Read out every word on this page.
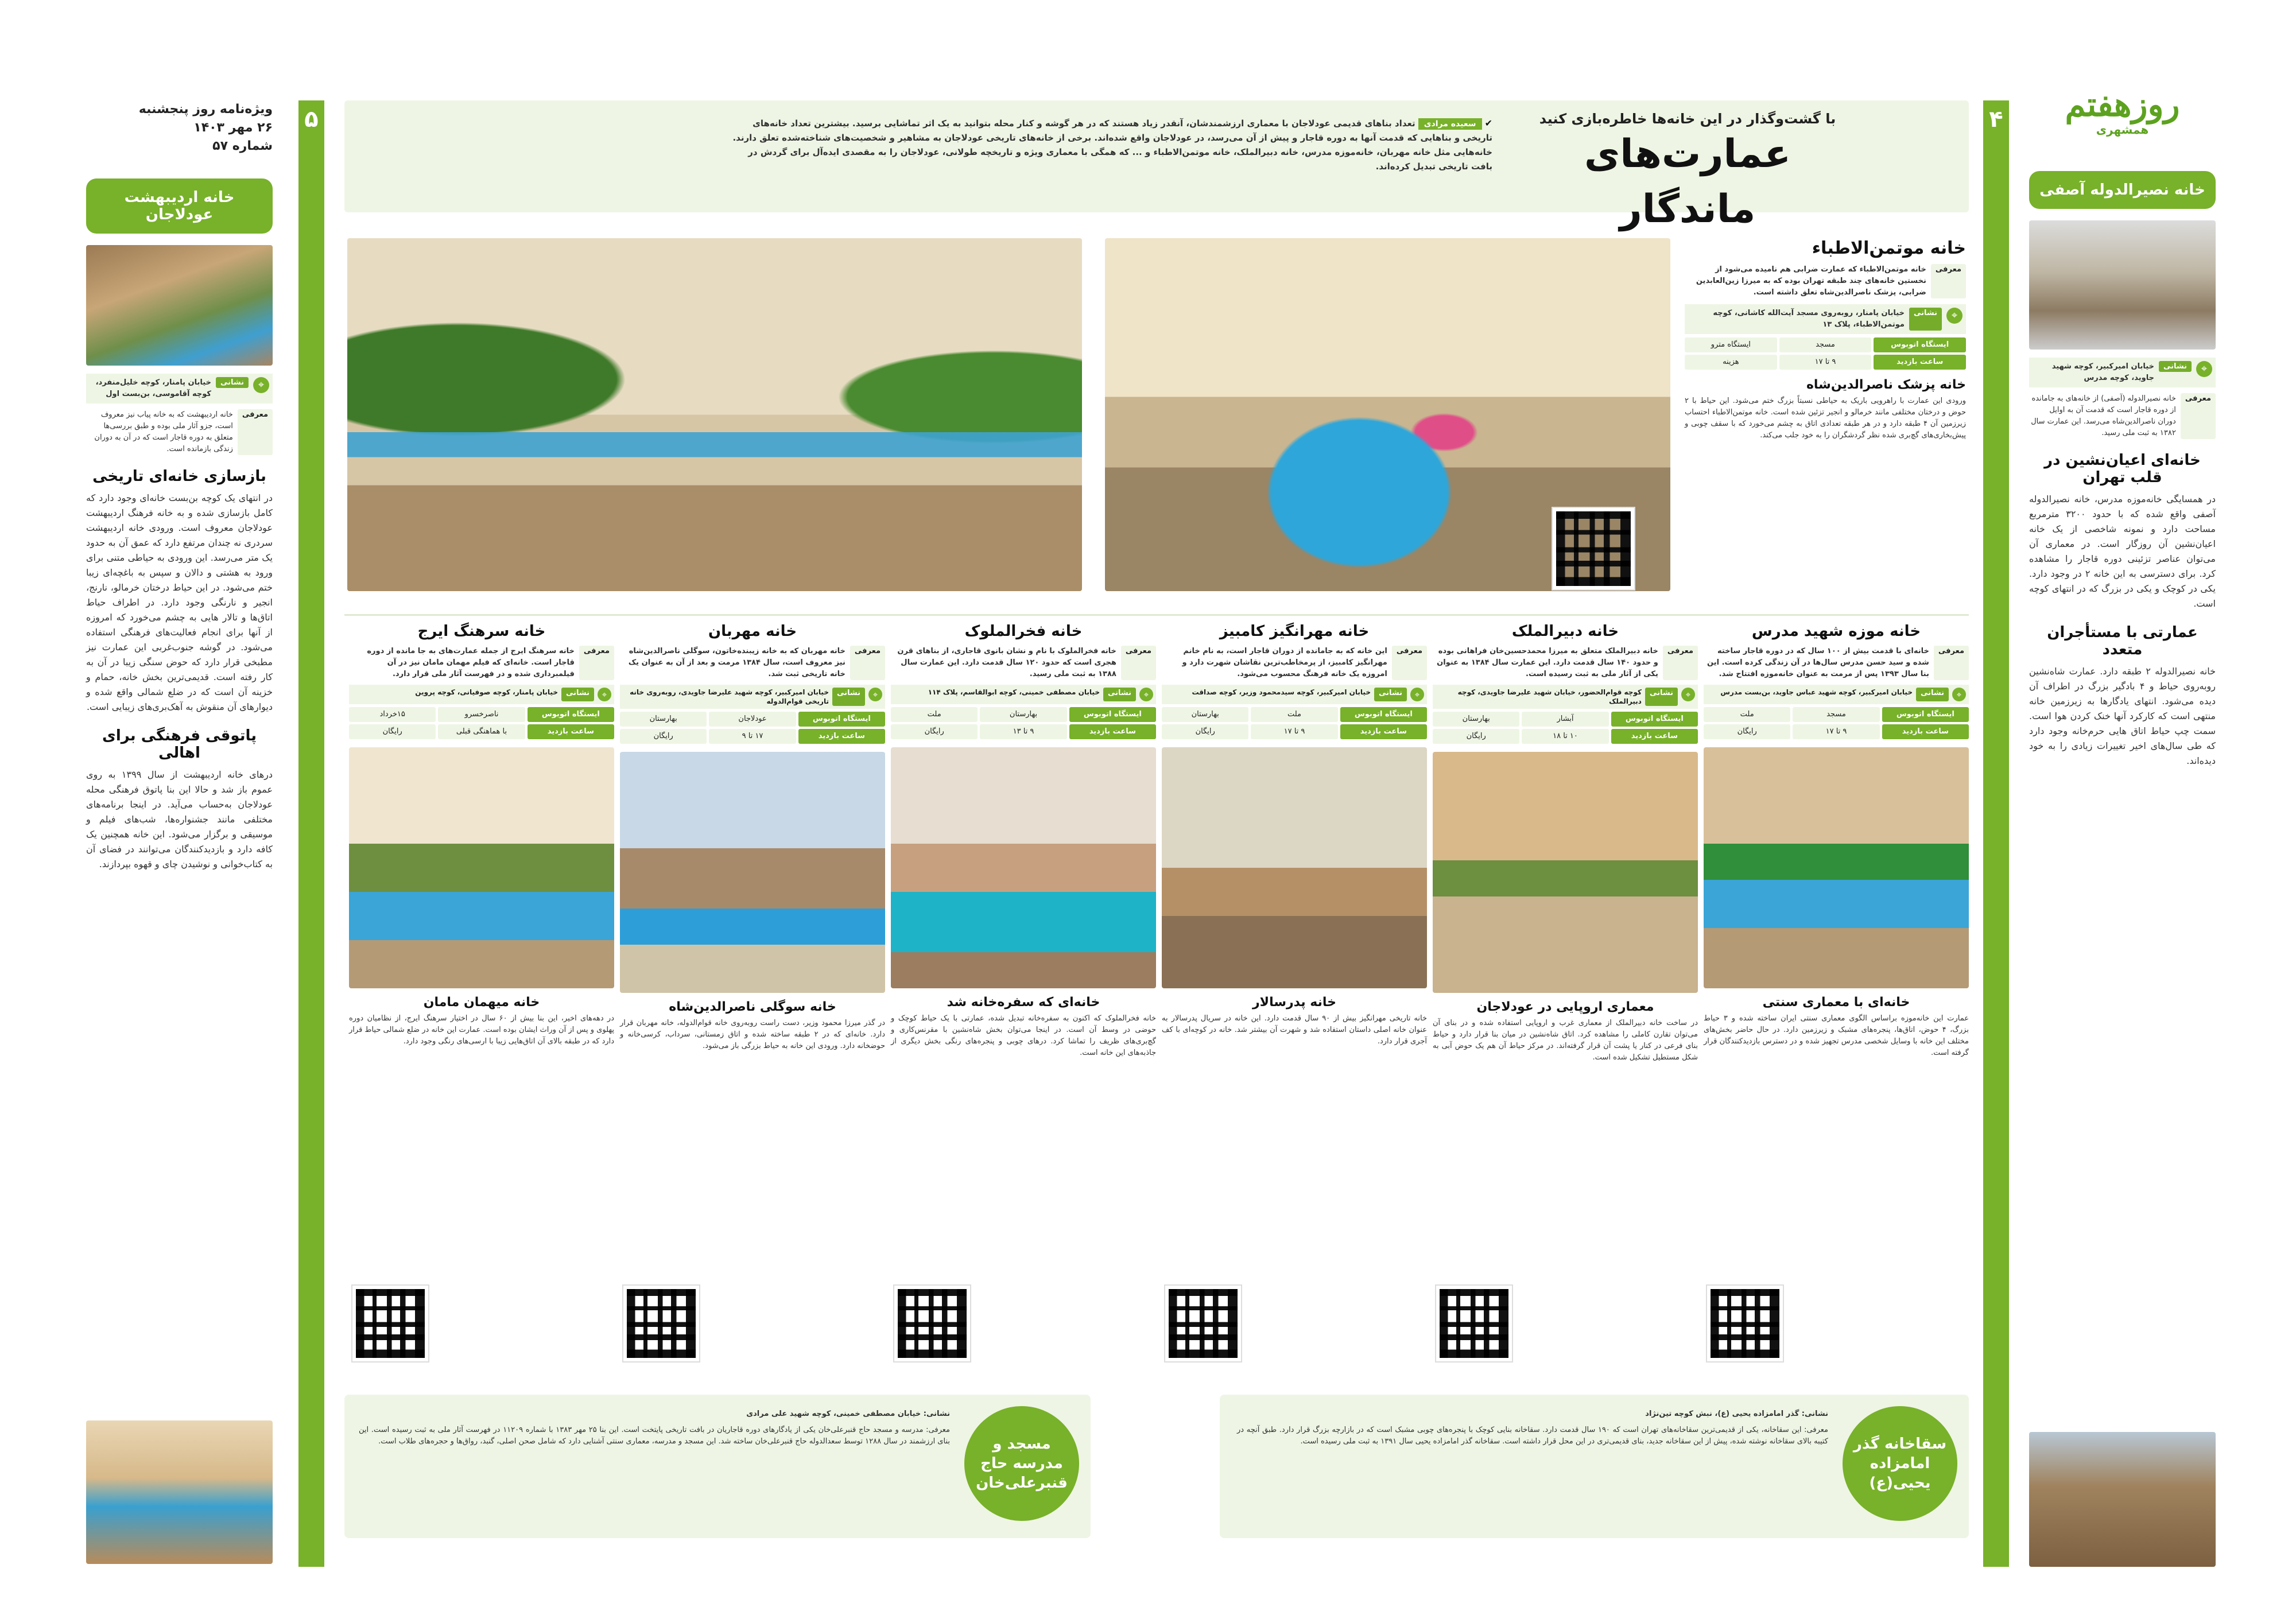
ویژه‌نامه روز پنجشنبه
۲۶ مهر ۱۴۰۳
شماره ۵۷
خانه اردیبهشت عودلاجان
⌖
نشانی
خیابان پامنار، کوچه خلیل‌منفرد، کوچه آقاموسی، بن‌بست اول
معرفی
خانه اردیبهشت که به خانه پیاب نیز معروف است، جزو آثار ملی بوده و طبق بررسی‌ها متعلق به دوره قاجار است که در آن به دوران زندگی بازمانده است.
بازسازی خانه‌ای تاریخی
در انتهای یک کوچه بن‌بست خانه‌ای وجود دارد که کامل بازسازی شده و به خانه فرهنگ اردیبهشت عودلاجان معروف است. ورودی خانه اردیبهشت سردری نه چندان مرتفع دارد که عمق آن به حدود یک متر می‌رسد. این ورودی به حیاطی متنی برای ورود به هشتی و دالان و سپس به باغچه‌ای زیبا ختم می‌شود. در این حیاط درختان خرمالو، نارنج، انجیر و نارنگی وجود دارد. در اطراف حیاط اتاق‌ها و تالار هایی به چشم می‌خورد که امروزه از آنها برای انجام فعالیت‌های فرهنگی استفاده می‌شود. در گوشه جنوب‌غربی این عمارت نیز مطبخی قرار دارد که حوض سنگی زیبا در آن به کار رفته است. قدیمی‌ترین بخش خانه، حمام و خزینه آن است که در ضلع شمالی واقع شده و دیوارهای آن منقوش به آهک‌بری‌های زیبایی است.
پاتوقی فرهنگی برای اهالی
درهای خانه اردیبهشت از سال ۱۳۹۹ به روی عموم باز شد و حالا این بنا پاتوق فرهنگی محله عودلاجان به‌حساب می‌آید. در اینجا برنامه‌های مختلفی مانند جشنواره‌ها، شب‌های فیلم و موسیقی و برگزار می‌شود. این خانه همچنین یک کافه دارد و بازدیدکنندگان می‌توانند در فضای آن به کتاب‌خوانی و نوشیدن چای و قهوه بپردازند.
۵	۴	روزهفتم
همشهری
خانه نصیرالدوله آصفی
⌖
نشانی
خیابان امیرکبیر، کوچه شهید جاوید، کوچه مدرس
معرفی
خانه نصیرالدوله (آصفی) از خانه‌های به جامانده از دوره قاجار است که قدمت آن به اوایل دوران ناصرالدین‌شاه می‌رسد. این عمارت سال ۱۳۸۲ به ثبت ملی رسید.
خانه‌ای اعیان‌نشین در قلب تهران
در همسایگی خانه‌موزه مدرس، خانه نصیرالدوله آصفی واقع شده که با حدود ۳۲۰۰ مترمربع مساحت دارد و نمونه شاخصی از یک خانه اعیان‌نشین آن روزگار است. در معماری آن می‌توان عناصر تزئینی دوره قاجار را مشاهده کرد. برای دسترسی به این خانه ۲ در وجود دارد. یکی در کوچک و یکی در بزرگ که در انتهای کوچه است.
عمارتی با مستأجران متعدد
خانه نصیرالدوله ۲ طبقه دارد. عمارت شاه‌نشین رو‌به‌روی حیاط و ۴ بادگیر بزرگ در اطراف آن دیده می‌شود. انتهای یادگارها به زیرزمین خانه منتهی است که کارکرد آنها خنک کردن هوا است. سمت چپ حیاط اتاق هایی حرم‌خانه وجود دارد که طی سال‌های اخیر تغییرات زیادی را به خود دیده‌اند.
با گشت‌وگذار در این خانه‌ها خاطره‌بازی کنید
عمارت‌های ماندگار
✔ سعیده مرادی تعداد بناهای قدیمی عودلاجان با معماری ارزشمندشان، آنقدر زیاد هستند که در هر گوشه و کنار محله بتوانید به یک اثر تماشایی برسید. بیشترین تعداد خانه‌های تاریخی و بناهایی که قدمت آنها به دوره قاجار و پیش از آن می‌رسد، در عودلاجان واقع شده‌اند. برخی از خانه‌های تاریخی عودلاجان به مشاهیر و شخصیت‌های شناخته‌شده تعلق دارند. خانه‌هایی مثل خانه مهربان، خانه‌موزه مدرس، خانه دبیرالملک، خانه موتمن‌الاطباء و ... که همگی با معماری ویژه و تاریخچه طولانی، عودلاجان را به مقصدی ایده‌آل برای گردش در بافت تاریخی تبدیل کرده‌اند.
خانه موتمن‌الاطباء
معرفی
خانه موتمن‌الاطباء که عمارت ضرابی هم نامیده می‌شود از نخستین خانه‌های چند طبقه تهران بوده که به میرزا زین‌العابدین ضرابی، پزشک ناصرالدین‌شاه تعلق داشته است.
⌖
نشانی
خیابان پامنار، روبه‌روی مسجد آیت‌الله کاشانی، کوچه موتمن‌الاطباء، پلاک ۱۳
ایستگاه اتوبوس
مسجد
ایستگاه مترو
ساعت بازدید
۹ تا ۱۷
هزینه
خانه پزشک ناصرالدین‌شاه
ورودی این عمارت با راهرویی باریک به حیاطی نسبتاً بزرگ ختم می‌شود. این حیاط با ۲ حوض و درختان مختلفی مانند خرمالو و انجیر تزئین شده است. خانه موتمن‌الاطباء احتساب زیرزمین آن ۴ طبقه دارد و در هر طبقه تعدادی اتاق به چشم می‌خورد که با سقف چوبی و پیش‌بخاری‌های گچ‌بری شده نظر گردشگران را به خود جلب می‌کند.
خانه موزه شهید مدرس
معرفی
خانه‌ای با قدمت بیش از ۱۰۰ سال که در دوره قاجار ساخته شده و سید حسن مدرس سال‌ها در آن زندگی کرده است. این بنا سال ۱۳۹۳ پس از مرمت به عنوان خانه‌موزه افتتاح شد.
⌖
نشانی
خیابان امیرکبیر، کوچه شهید عباس جاوید، بن‌بست مدرس
ایستگاه اتوبوس
مسجد
ملت
ساعت بازدید
۹ تا ۱۷
رایگان
خانه‌ای با معماری سنتی
عمارت این خانه‌موزه براساس الگوی معماری سنتی ایران ساخته شده و ۳ حیاط بزرگ، ۴ حوض، اتاق‌ها، پنجره‌های مشبک و زیرزمین دارد. در حال حاضر بخش‌های مختلف این خانه با وسایل شخصی مدرس تجهیز شده و در دسترس بازدید‌کنندگان قرار گرفته است.
خانه دبیرالملک
معرفی
خانه دبیرالملک متعلق به میرزا محمدحسین‌خان فراهانی بوده و حدود ۱۴۰ سال قدمت دارد. این عمارت سال ۱۳۸۴ به عنوان یکی از آثار ملی به ثبت رسیده است.
⌖
نشانی
کوچه قوام‌الحضور، خیابان شهید علیرضا جاویدی، کوچه دبیرالملک
ایستگاه اتوبوس
آبشار
بهارستان
ساعت بازدید
۱۰ تا ۱۸
رایگان
معماری اروپایی در عودلاجان
در ساخت خانه دبیرالملک از معماری غرب و اروپایی استفاده شده و در بنای آن می‌توان تقارن کاملی را مشاهده کرد. اتاق شاه‌نشین در میان بنا قرار دارد و حیاط بنای فرعی در کنار یا پشت آن قرار گرفته‌اند. در مرکز حیاط آن هم یک حوض آبی به شکل مستطیل تشکیل شده است.
خانه مهرانگیز کامبیز
معرفی
این خانه که به جامانده از دوران قاجار است، به نام خانم مهرانگیز کامبیز، از پرمخاطب‌ترین نقاشان شهرت دارد و امروزه یک خانه فرهنگ محسوب می‌شود.
⌖
نشانی
خیابان امیرکبیر، کوچه سیدمحمود وزیر، کوچه صداقت
ایستگاه اتوبوس
ملت
بهارستان
ساعت بازدید
۹ تا ۱۷
رایگان
خانه پدرسالار
خانه تاریخی مهرانگیز بیش از ۹۰ سال قدمت دارد. این خانه در سریال پدرسالار به عنوان خانه اصلی داستان استفاده شد و شهرت آن بیشتر شد. خانه در کوچه‌ای با کف آجری قرار دارد.
خانه فخرالملوک
معرفی
خانه فخرالملوک با نام و نشان بانوی قاجاری، از بناهای قرن هجری است که حدود ۱۲۰ سال قدمت دارد. این عمارت سال ۱۳۸۸ به ثبت ملی رسید.
⌖
نشانی
خیابان مصطفی خمینی، کوچه ابوالقاسم، پلاک ۱۱۴
ایستگاه اتوبوس
بهارستان
ملت
ساعت بازدید
۹ تا ۱۳
رایگان
خانه‌ای که سفره‌خانه شد
خانه فخرالملوک که اکنون به سفره‌خانه تبدیل شده، عمارتی با یک حیاط کوچک و حوضی در وسط آن است. در اینجا می‌توان بخش شاه‌نشین با مقرنس‌کاری و گچ‌بری‌های ظریف را تماشا کرد. درهای چوبی و پنجره‌های رنگی بخش دیگری از جاذبه‌های این خانه است.
خانه مهربان
معرفی
خانه مهربان که به خانه زیبنده‌خاتون، سوگلی ناصرالدین‌شاه نیز معروف است، سال ۱۳۸۴ مرمت و بعد از آن به عنوان یک خانه تاریخی ثبت شد.
⌖
نشانی
خیابان امیرکبیر، کوچه شهید علیرضا جاویدی، روبه‌روی خانه تاریخی قوام‌الدوله
ایستگاه اتوبوس
عودلاجان
بهارستان
ساعت بازدید
۱۷ تا ۹
رایگان
خانه سوگلی ناصرالدین‌شاه
در گذر میرزا محمود وزیر، دست راست روبه‌روی خانه قوام‌الدوله، خانه مهربان قرار دارد. خانه‌ای که در ۲ طبقه ساخته شده و اتاق زمستانی، سرداب، کرسی‌خانه و حوضخانه دارد. ورودی این خانه به حیاط بزرگی باز می‌شود.
خانه سرهنگ ایرج
معرفی
خانه سرهنگ ایرج از جمله عمارت‌های به جا مانده از دوره قاجار است. خانه‌ای که فیلم مهمان مامان نیز در آن فیلمبرداری شده و در فهرست آثار ملی قرار دارد.
⌖
نشانی
خیابان پامنار، کوچه صوفیانی، کوچه پروین
ایستگاه اتوبوس
ناصرخسرو
۱۵خرداد
ساعت بازدید
با هماهنگی قبلی
رایگان
خانه میهمان مامان
در دهه‌های اخیر، این بنا بیش از ۶۰ سال در اختیار سرهنگ ایرج، از نظامیان دوره پهلوی و پس از آن وراث ایشان بوده است. عمارت این خانه در ضلع شمالی حیاط قرار دارد که در طبقه بالای آن اتاق‌هایی زیبا با ارسی‌های رنگی وجود دارد.
سقاخانه گذر امامزاده یحیی(ع)
نشانی: گذر امامزاده یحیی (ع)، نبش کوچه تین‌نژاد
معرفی: این سقاخانه، یکی از قدیمی‌ترین سقاخانه‌های تهران است که ۱۹۰ سال قدمت دارد. سقاخانه بنایی کوچک با پنجره‌های چوبی مشبک است که در بازارچه بزرگ قرار دارد. طبق آنچه در کتیبه بالای سقاخانه نوشته شده، پیش از این سقاخانه جدید، بنای قدیمی‌تری در این محل قرار داشته است. سقاخانه گذر امامزاده یحیی سال ۱۳۹۱ به ثبت ملی رسیده است.
مسجد و مدرسه حاج قنبرعلی‌خان
نشانی: خیابان مصطفی خمینی، کوچه شهید علی مرادی
معرفی: مدرسه و مسجد حاج قنبرعلی‌خان یکی از یادگارهای دوره قاجاریان در بافت تاریخی پایتخت است. این بنا ۲۵ مهر ۱۳۸۳ با شماره ۱۱۲۰۹ در فهرست آثار ملی به ثبت رسیده است. این بنای ارزشمند در سال ۱۲۸۸ توسط سعدالدوله حاج قنبرعلی‌خان ساخته شد. این مسجد و مدرسه، معماری سنتی آشنایی دارد که شامل صحن اصلی، گنبد، رواق‌ها و حجره‌های طلاب است.
